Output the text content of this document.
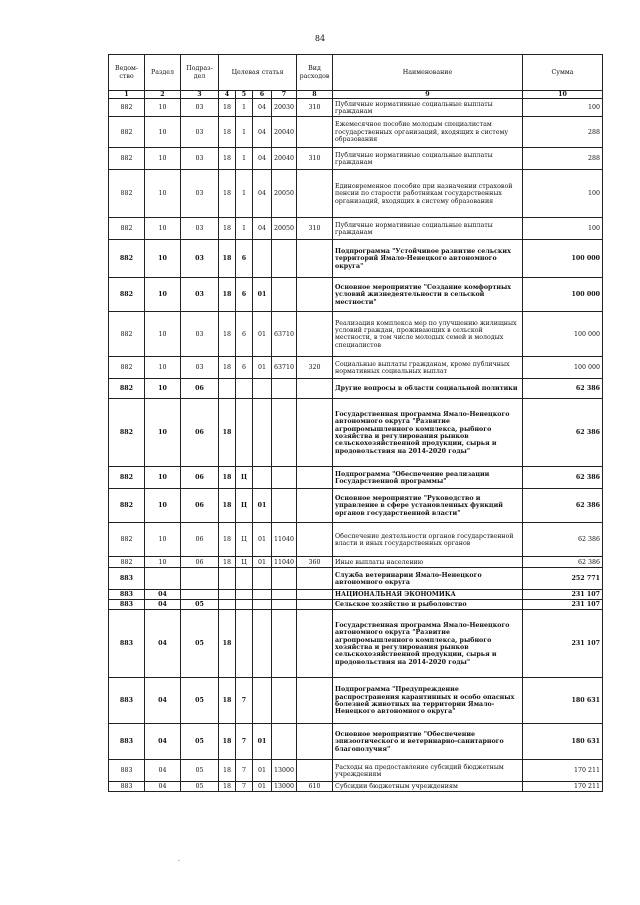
84
Ведом-ство	Раздел	Подраз-дел	Целевая статья				Вид расходов	Наименование	Сумма
1	2	3	4	5	6	7	8	9	10
882	10	03	18	1	04	20030	310	Публичные нормативные социальные выплаты гражданам	100
882	10	03	18	1	04	20040		Ежемесячное пособие молодым специалистам государственных организаций, входящих в систему образования	288
882	10	03	18	1	04	20040	310	Публичные нормативные социальные выплаты гражданам	288
882	10	03	18	1	04	20050		Единовременное пособие при назначении страховой пенсии по старости работникам государственных организаций, входящих в систему образования	100
882	10	03	18	1	04	20050	310	Публичные нормативные социальные выплаты гражданам	100
882	10	03	18	6				Подпрограмма "Устойчивое развитие сельских территорий Ямало-Ненецкого автономного округа"	100 000
882	10	03	18	6	01			Основное мероприятие "Создание комфортных условий жизнедеятельности в сельской местности"	100 000
882	10	03	18	6	01	63710		Реализация комплекса мер по улучшению жилищных условий граждан, проживающих в сельской местности, в том числе молодых семей и молодых специалистов	100 000
882	10	03	18	6	01	63710	320	Социальные выплаты гражданам, кроме публичных нормативных социальных выплат	100 000
882	10	06						Другие вопросы в области социальной политики	62 386
882	10	06	18					Государственная программа Ямало-Ненецкого автономного округа "Развитие агропромышленного комплекса, рыбного хозяйства и регулирования рынков сельскохозяйственной продукции, сырья и продовольствия на 2014-2020 годы"	62 386
882	10	06	18	Ц				Подпрограмма "Обеспечение реализации Государственной программы"	62 386
882	10	06	18	Ц	01			Основное мероприятие "Руководство и управление в сфере установленных функций органов государственной власти"	62 386
882	10	06	18	Ц	01	11040		Обеспечение деятельности органов государственной власти и иных государственных органов	62 386
882	10	06	18	Ц	01	11040	360	Иные выплаты населению	62 386
883								Служба ветеринарии Ямало-Ненецкого автономного округа	252 771
883	04							НАЦИОНАЛЬНАЯ ЭКОНОМИКА	231 107
883	04	05						Сельское хозяйство и рыболовство	231 107
883	04	05	18					Государственная программа Ямало-Ненецкого автономного округа "Развитие агропромышленного комплекса, рыбного хозяйства и регулирования рынков сельскохозяйственной продукции, сырья и продовольствия на 2014-2020 годы"	231 107
883	04	05	18	7				Подпрограмма "Предупреждение распространения карантинных и особо опасных болезней животных на территории Ямало-Ненецкого автономного округа"	180 631
883	04	05	18	7	01			Основное мероприятие "Обеспечение эпизоотического и ветеринарно-санитарного благополучия"	180 631
883	04	05	18	7	01	13000		Расходы на предоставление субсидий бюджетным учреждениям	170 211
883	04	05	18	7	01	13000	610	Субсидии бюджетным учреждениям	170 211
·
